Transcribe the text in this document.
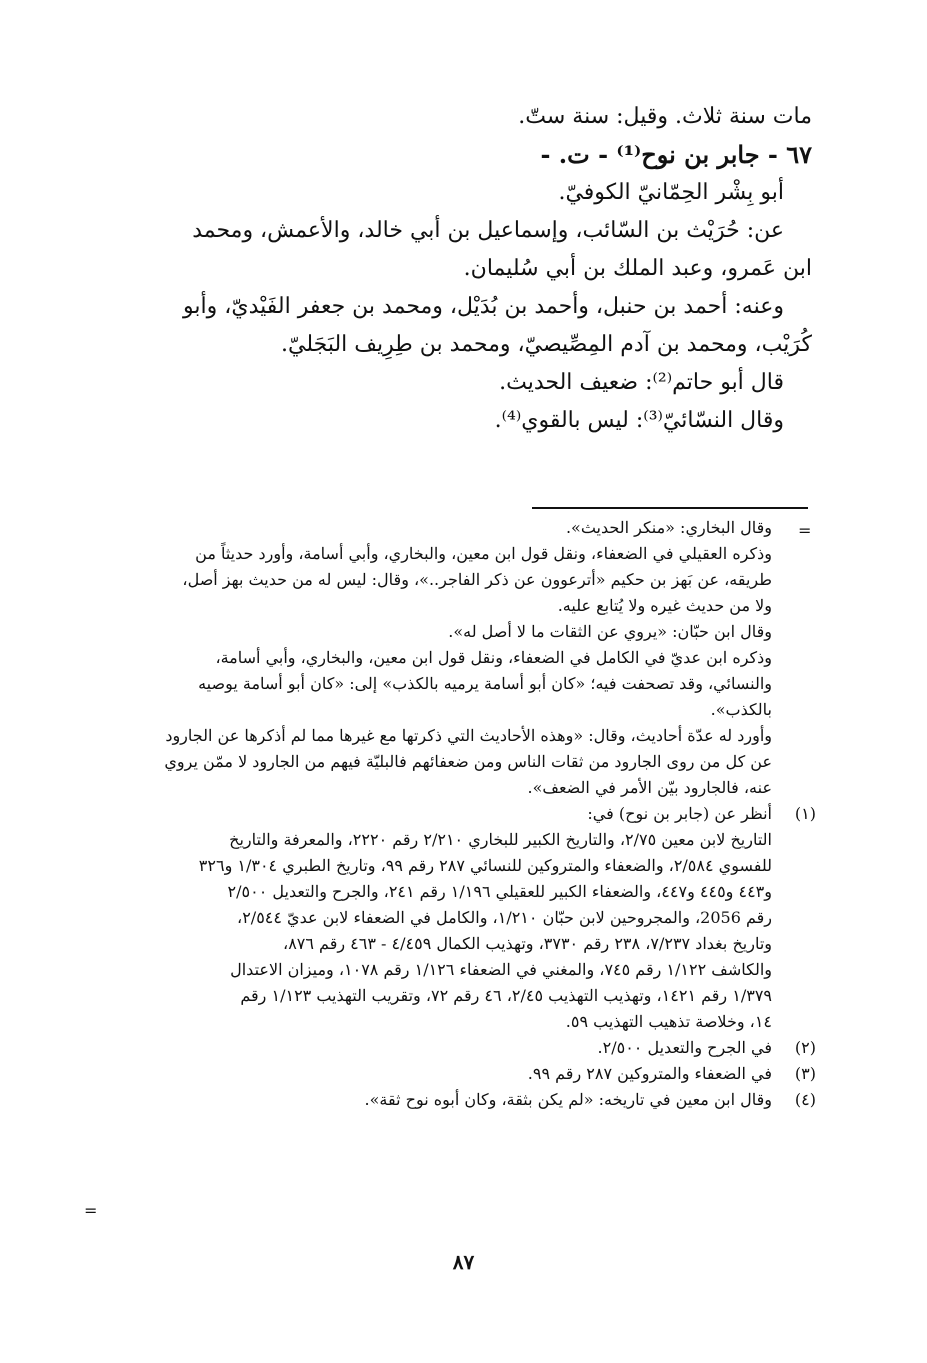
مات سنة ثلاث. وقيل: سنة ستّ.
٦٧ - جابر بن نوح⁽¹⁾ - ت. -
أبو بِشْر الحِمّانيّ الكوفيّ.
عن: حُرَيْث بن السّائب، وإسماعيل بن أبي خالد، والأعمش، ومحمد
ابن عَمرو، وعبد الملك بن أبي سُليمان.
وعنه: أحمد بن حنبل، وأحمد بن بُدَيْل، ومحمد بن جعفر الفَيْديّ، وأبو
كُرَيْب، ومحمد بن آدم المِصِّيصيّ، ومحمد بن طِرِيف البَجَليّ.
قال أبو حاتم⁽²⁾: ضعيف الحديث.
وقال النسّائيّ⁽³⁾: ليس بالقوي⁽⁴⁾.
=
وقال البخاري: «منكر الحديث».
وذكره العقيلي في الضعفاء، ونقل قول ابن معين، والبخاري، وأبي أسامة، وأورد حديثاً من
طريقه، عن بَهز بن حكيم «أترعوون عن ذكر الفاجر..»، وقال: ليس له من حديث بهز أصل،
ولا من حديث غيره ولا يُتابع عليه.
وقال ابن حبّان: «يروي عن الثقات ما لا أصل له».
وذكره ابن عديّ في الكامل في الضعفاء، ونقل قول ابن معين، والبخاري، وأبي أسامة،
والنسائي، وقد تصحفت فيه؛ «كان أبو أسامة يرميه بالكذب» إلى: «كان أبو أسامة يوصيه
بالكذب».
وأورد له عدّة أحاديث، وقال: «وهذه الأحاديث التي ذكرتها مع غيرها مما لم أذكرها عن الجارود
عن كل من روى الجارود من ثقات الناس ومن ضعفائهم فالبليّة فيهم من الجارود لا ممّن يروي
عنه، فالجارود بيّن الأمر في الضعف».
(١)
أنظر عن (جابر بن نوح) في:
التاريخ لابن معين ٢/٧٥، والتاريخ الكبير للبخاري ٢/٢١٠ رقم ٢٢٢٠، والمعرفة والتاريخ
للفسوي ٢/٥٨٤، والضعفاء والمتروكين للنسائي ٢٨٧ رقم ٩٩، وتاريخ الطبري ١/٣٠٤ و٣٢٦
و٤٤٣ و٤٤٥ و٤٤٧، والضعفاء الكبير للعقيلي ١/١٩٦ رقم ٢٤١، والجرح والتعديل ٢/٥٠٠
رقم 2056، والمجروحين لابن حبّان ١/٢١٠، والكامل في الضعفاء لابن عديّ ٢/٥٤٤،
وتاريخ بغداد ٧/٢٣٧، ٢٣٨ رقم ٣٧٣٠، وتهذيب الكمال ٤/٤٥٩ - ٤٦٣ رقم ٨٧٦،
والكاشف ١/١٢٢ رقم ٧٤٥، والمغني في الضعفاء ١/١٢٦ رقم ١٠٧٨، وميزان الاعتدال
١/٣٧٩ رقم ١٤٢١، وتهذيب التهذيب ٢/٤٥، ٤٦ رقم ٧٢، وتقريب التهذيب ١/١٢٣ رقم
١٤، وخلاصة تذهيب التهذيب ٥٩.
(٢)
في الجرح والتعديل ٢/٥٠٠.
(٣)
في الضعفاء والمتروكين ٢٨٧ رقم ٩٩.
(٤)
وقال ابن معين في تاريخه: «لم يكن بثقة، وكان أبوه نوح ثقة».
=
٨٧
